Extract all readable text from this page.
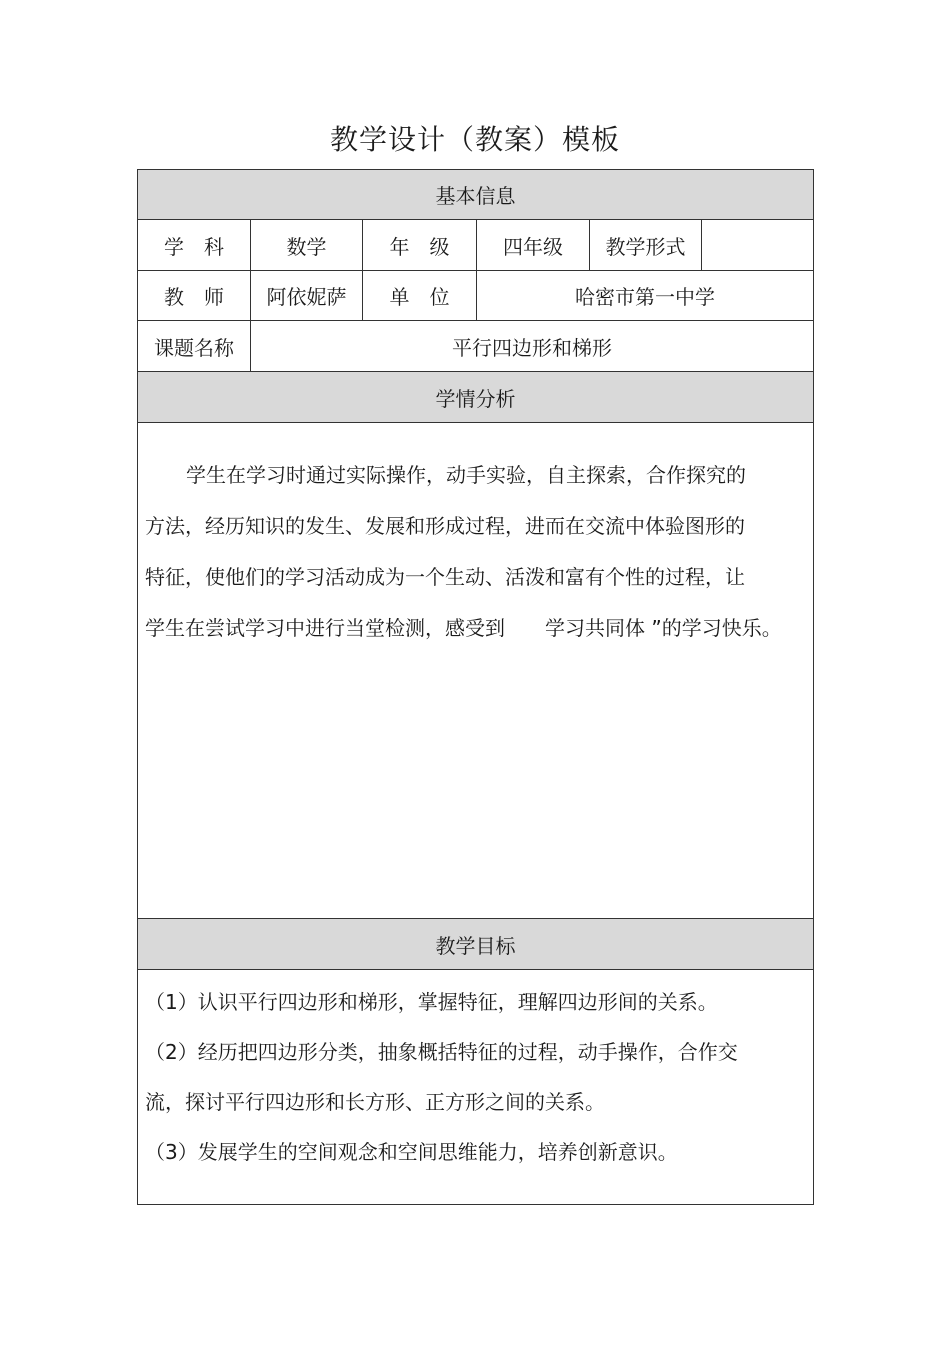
教学设计（教案）模板
基本信息
学　科	数学	年　级	四年级	教学形式
教　师	阿依妮萨	单　位	哈密市第一中学
课题名称	平行四边形和梯形
学情分析
学生在学习时通过实际操作，动手实验，自主探索，合作探究的
方法，经历知识的发生、发展和形成过程，进而在交流中体验图形的
特征，使他们的学习活动成为一个生动、活泼和富有个性的过程，让
学生在尝试学习中进行当堂检测，感受到　　学习共同体 ”的学习快乐。
教学目标
（1）认识平行四边形和梯形，掌握特征，理解四边形间的关系。
（2）经历把四边形分类，抽象概括特征的过程，动手操作，合作交
流，探讨平行四边形和长方形、正方形之间的关系。
（3）发展学生的空间观念和空间思维能力，培养创新意识。
